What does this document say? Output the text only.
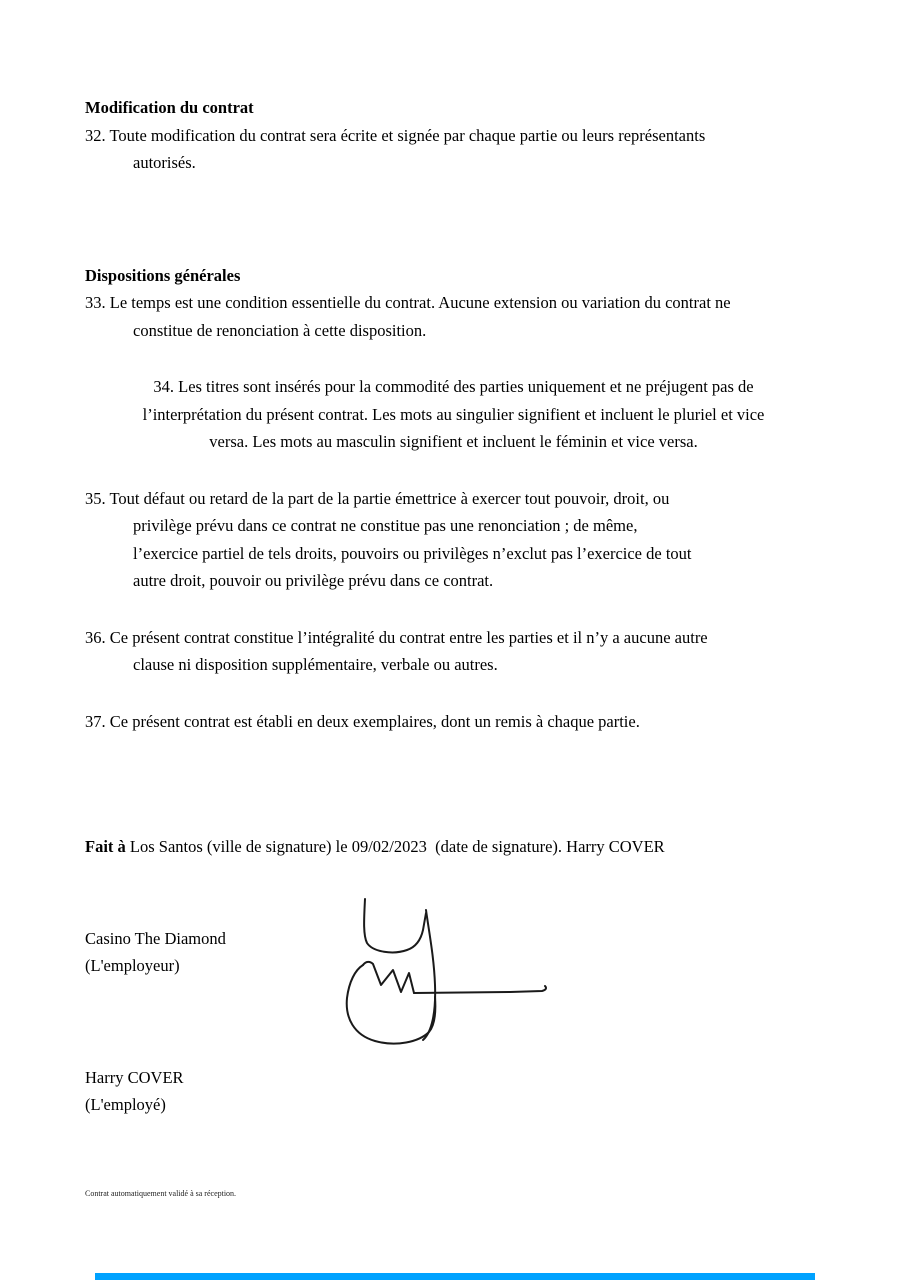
Modification du contrat
32. Toute modification du contrat sera écrite et signée par chaque partie ou leurs représentants
autorisés.
Dispositions générales
33. Le temps est une condition essentielle du contrat. Aucune extension ou variation du contrat ne
constitue de renonciation à cette disposition.
34. Les titres sont insérés pour la commodité des parties uniquement et ne préjugent pas de
l’interprétation du présent contrat. Les mots au singulier signifient et incluent le pluriel et vice
versa. Les mots au masculin signifient et incluent le féminin et vice versa.
35. Tout défaut ou retard de la part de la partie émettrice à exercer tout pouvoir, droit, ou
privilège prévu dans ce contrat ne constitue pas une renonciation ; de même,
l’exercice partiel de tels droits, pouvoirs ou privilèges n’exclut pas l’exercice de tout
autre droit, pouvoir ou privilège prévu dans ce contrat.
36. Ce présent contrat constitue l’intégralité du contrat entre les parties et il n’y a aucune autre
clause ni disposition supplémentaire, verbale ou autres.
37. Ce présent contrat est établi en deux exemplaires, dont un remis à chaque partie.
Fait à Los Santos (ville de signature) le 09/02/2023  (date de signature). Harry COVER
Casino The Diamond
(L'employeur)
Harry COVER
(L'employé)
Contrat automatiquement validé à sa réception.
